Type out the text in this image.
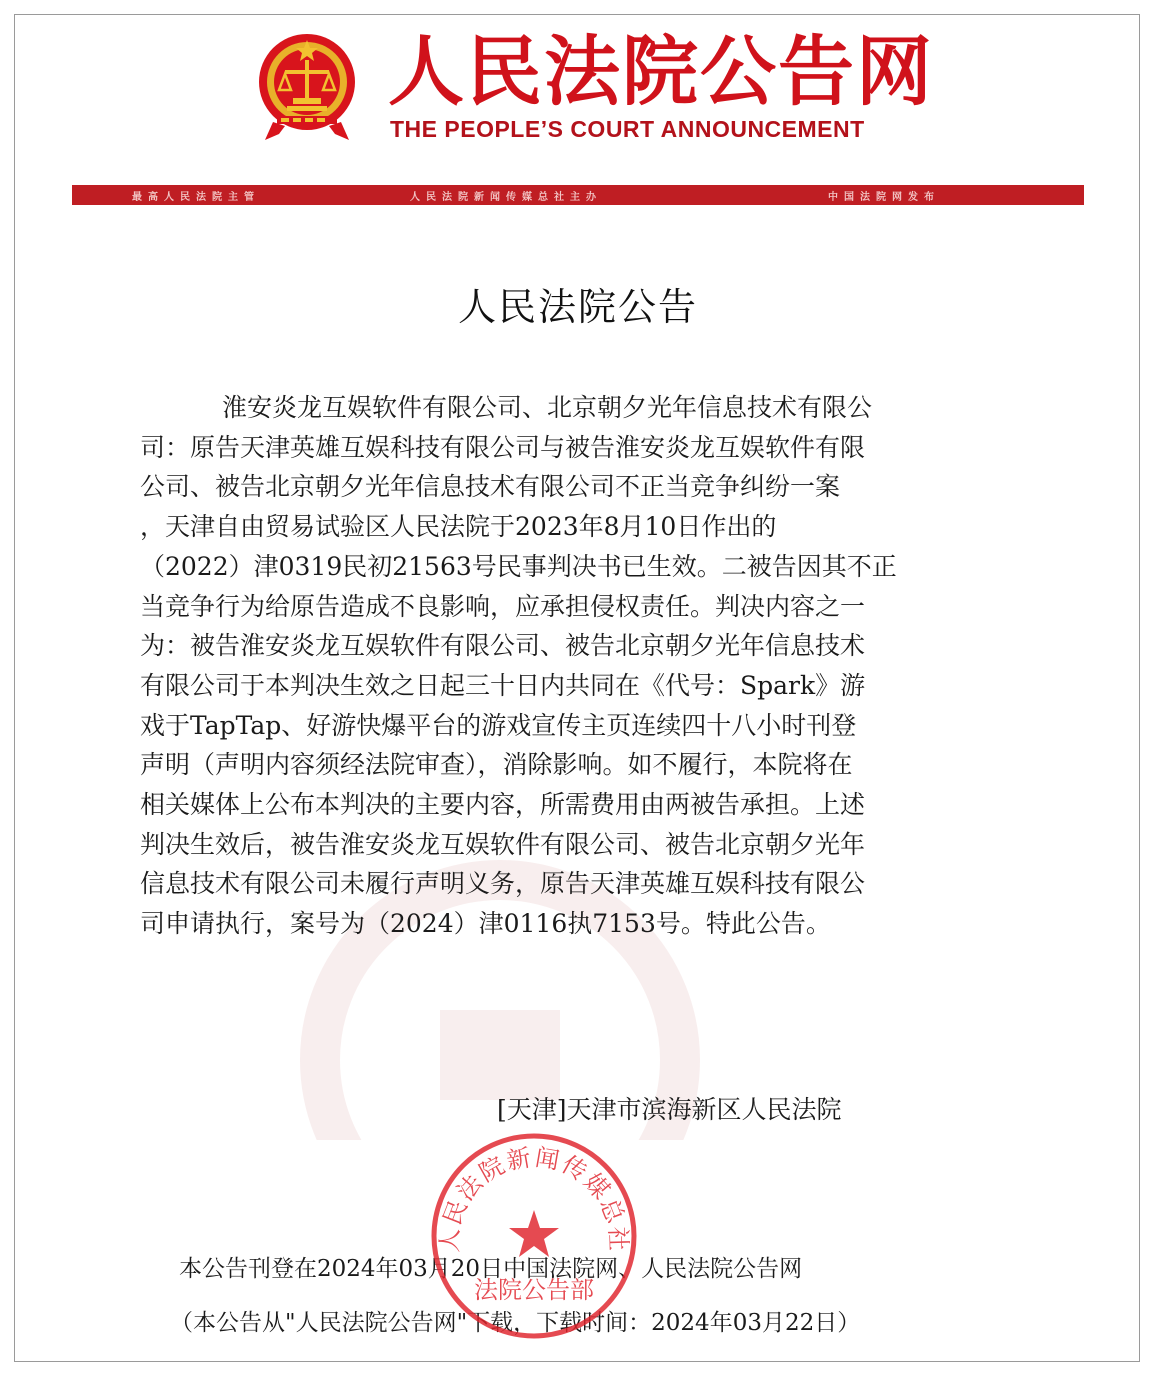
人民法院公告网
THE PEOPLE’S COURT ANNOUNCEMENT
最高人民法院主管	人民法院新闻传媒总社主办	中国法院网发布
人民法院公告
淮安炎龙互娱软件有限公司、北京朝夕光年信息技术有限公
司：原告天津英雄互娱科技有限公司与被告淮安炎龙互娱软件有限
公司、被告北京朝夕光年信息技术有限公司不正当竞争纠纷一案
，天津自由贸易试验区人民法院于2023年8月10日作出的
（2022）津0319民初21563号民事判决书已生效。二被告因其不正
当竞争行为给原告造成不良影响，应承担侵权责任。判决内容之一
为：被告淮安炎龙互娱软件有限公司、被告北京朝夕光年信息技术
有限公司于本判决生效之日起三十日内共同在《代号：Spark》游
戏于TapTap、好游快爆平台的游戏宣传主页连续四十八小时刊登
声明（声明内容须经法院审查），消除影响。如不履行，本院将在
相关媒体上公布本判决的主要内容，所需费用由两被告承担。上述
判决生效后，被告淮安炎龙互娱软件有限公司、被告北京朝夕光年
信息技术有限公司未履行声明义务，原告天津英雄互娱科技有限公
司申请执行，案号为（2024）津0116执7153号。特此公告。
[天津]天津市滨海新区人民法院
本公告刊登在2024年03月20日中国法院网、人民法院公告网
（本公告从"人民法院公告网"下载，下载时间：2024年03月22日）
人民法院新闻传媒总社
法院公告部
